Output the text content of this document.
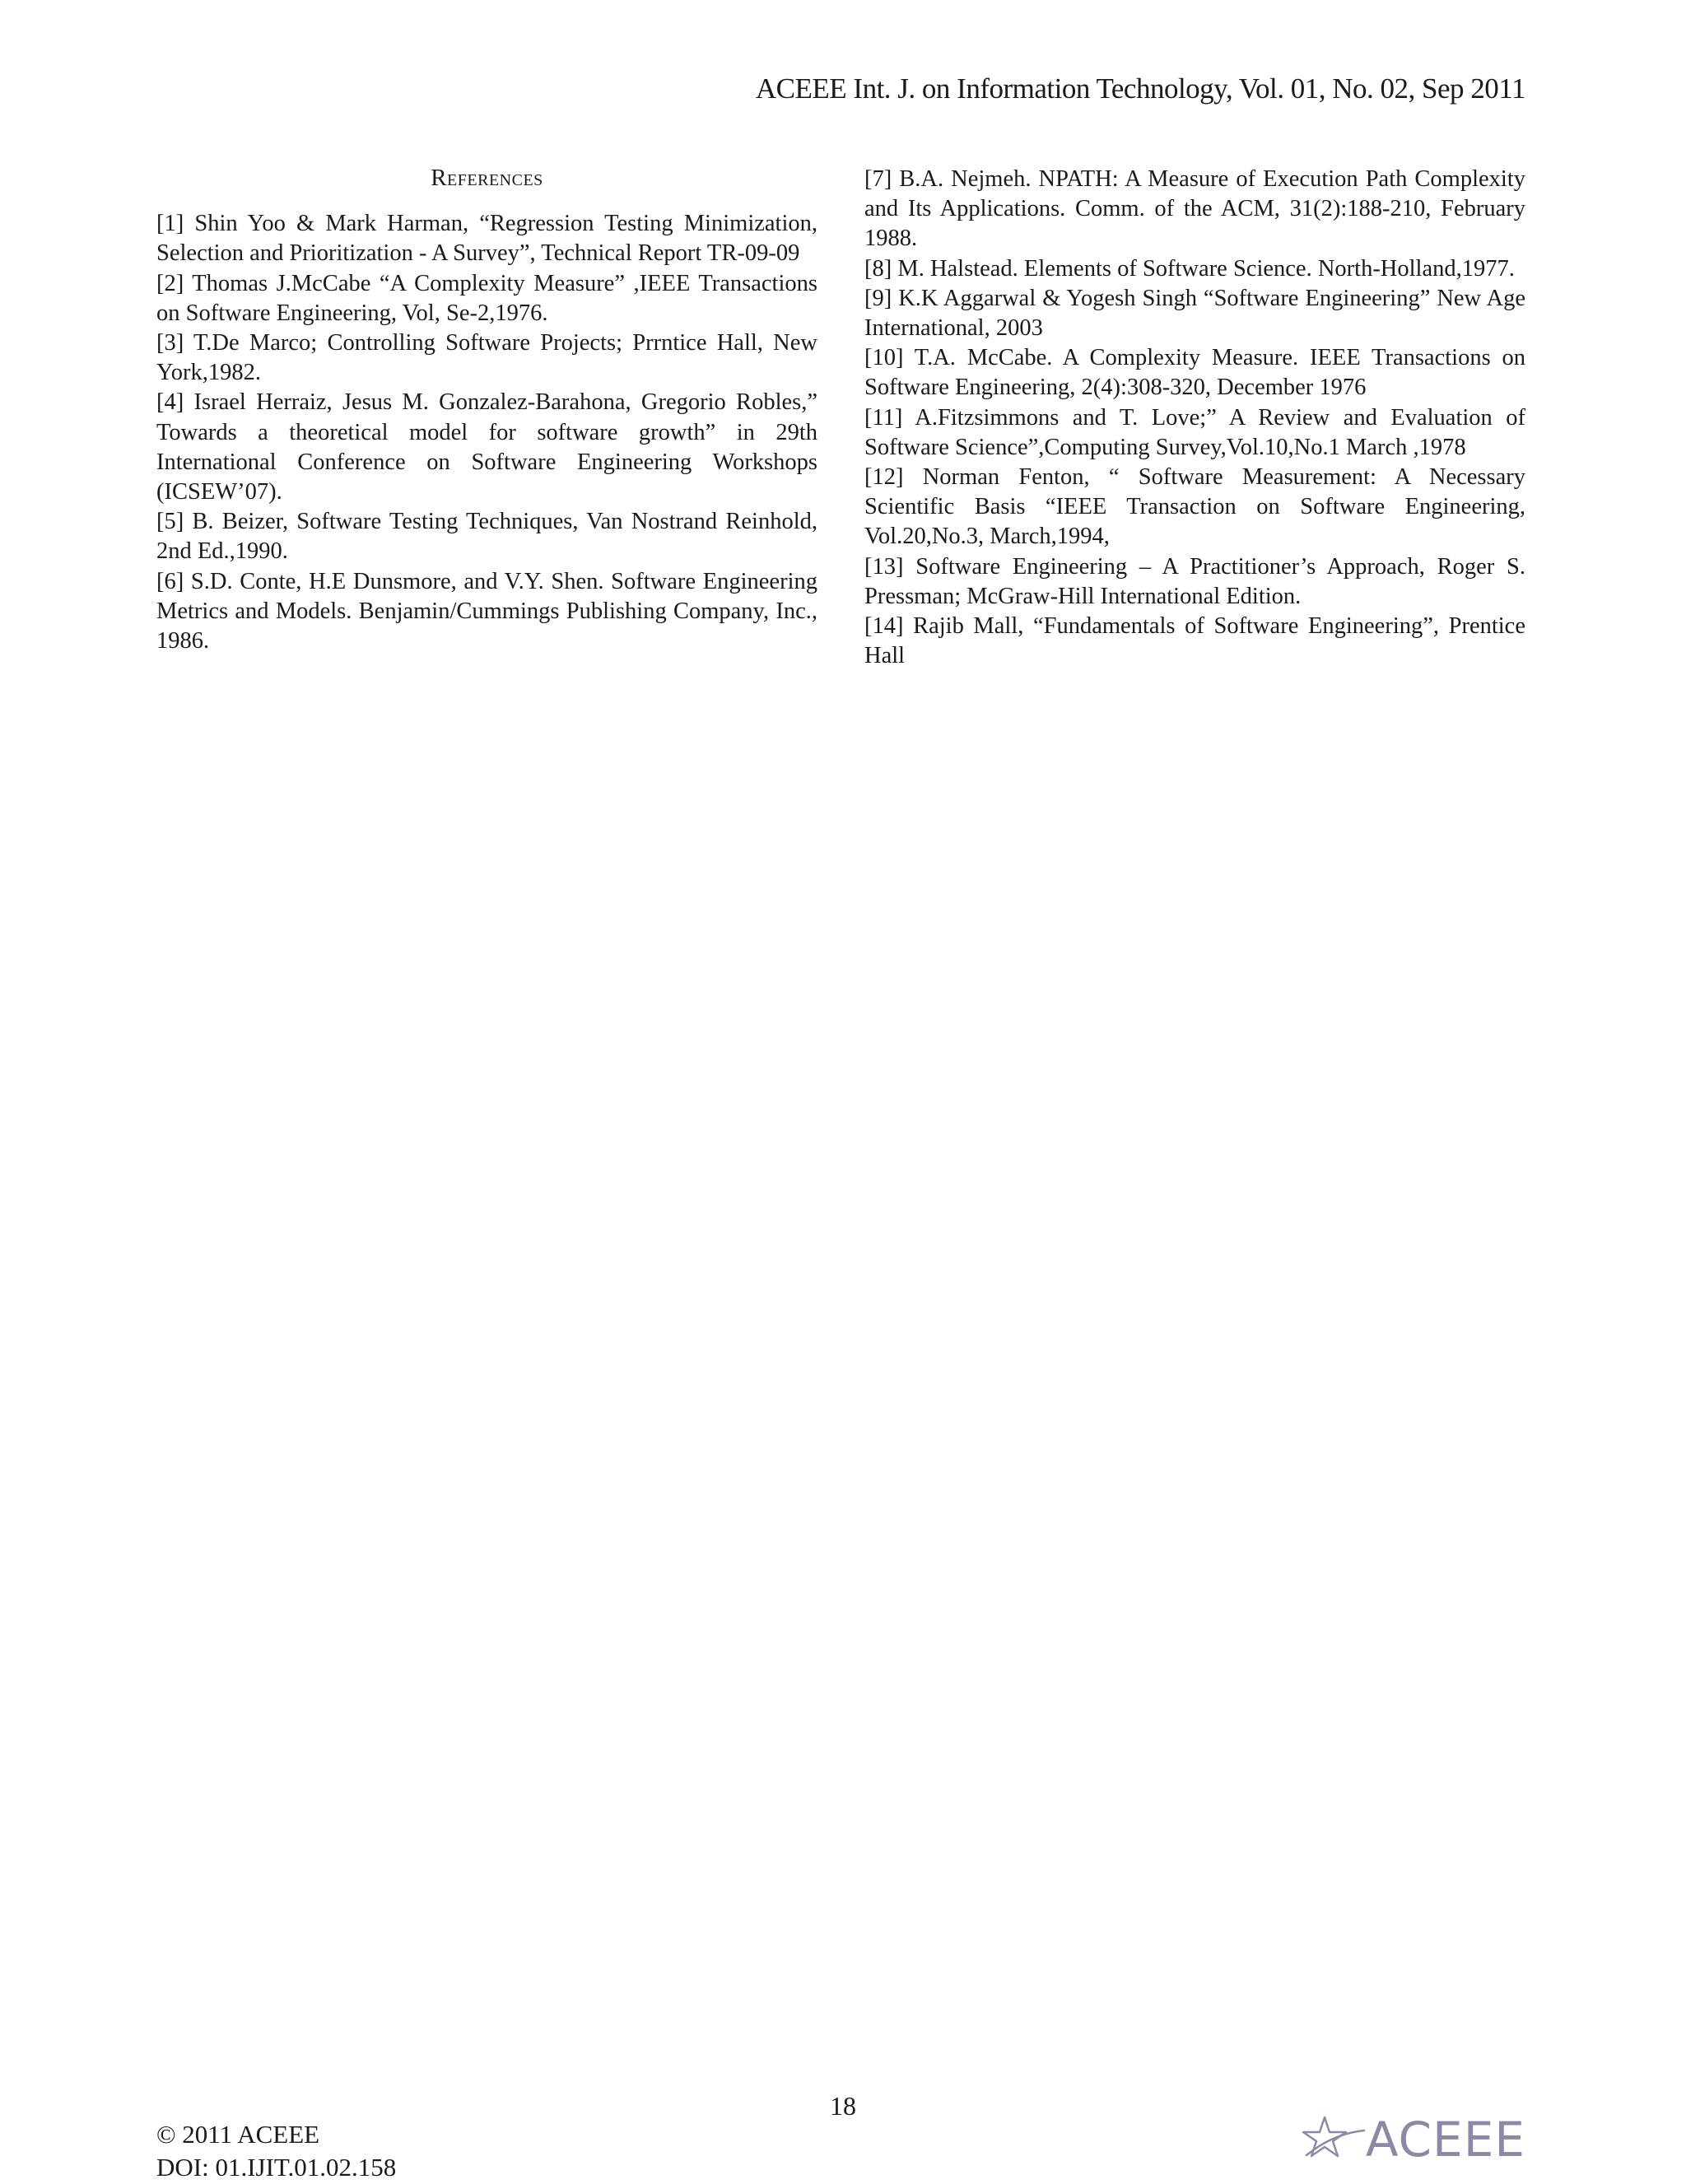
ACEEE Int. J. on Information Technology, Vol. 01, No. 02, Sep 2011
References

[1] Shin Yoo & Mark Harman, “Regression Testing Minimization, Selection and Prioritization - A Survey”, Technical Report TR-09-09

[2] Thomas J.McCabe “A Complexity Measure” ,IEEE Transactions on Software Engineering, Vol, Se-2,1976.

[3] T.De Marco; Controlling Software Projects; Prrntice Hall, New York,1982.

[4] Israel Herraiz, Jesus M. Gonzalez-Barahona, Gregorio Robles,” Towards a theoretical model for software growth” in 29th International Conference on Software Engineering Workshops (ICSEW’07).

[5] B. Beizer, Software Testing Techniques, Van Nostrand Reinhold, 2nd Ed.,1990.

[6] S.D. Conte, H.E Dunsmore, and V.Y. Shen. Software Engineering Metrics and Models. Benjamin/Cummings Publishing Company, Inc., 1986.

[7] B.A. Nejmeh. NPATH: A Measure of Execution Path Complexity and Its Applications. Comm. of the ACM, 31(2):188-210, February 1988.

[8] M. Halstead. Elements of Software Science. North-Holland,1977.

[9] K.K Aggarwal & Yogesh Singh “Software Engineering” New Age International, 2003

[10] T.A. McCabe. A Complexity Measure. IEEE Transactions on Software Engineering, 2(4):308-320, December 1976

[11] A.Fitzsimmons and T. Love;” A Review and Evaluation of Software Science”,Computing Survey,Vol.10,No.1 March ,1978

[12] Norman Fenton, “ Software Measurement: A Necessary Scientific Basis “IEEE Transaction on Software Engineering, Vol.20,No.3, March,1994,

[13] Software Engineering – A Practitioner’s Approach, Roger S. Pressman; McGraw-Hill International Edition.

[14] Rajib Mall, “Fundamentals of Software Engineering”, Prentice Hall

18
© 2011 ACEEE
DOI: 01.IJIT.01.02.158	ACEEE
